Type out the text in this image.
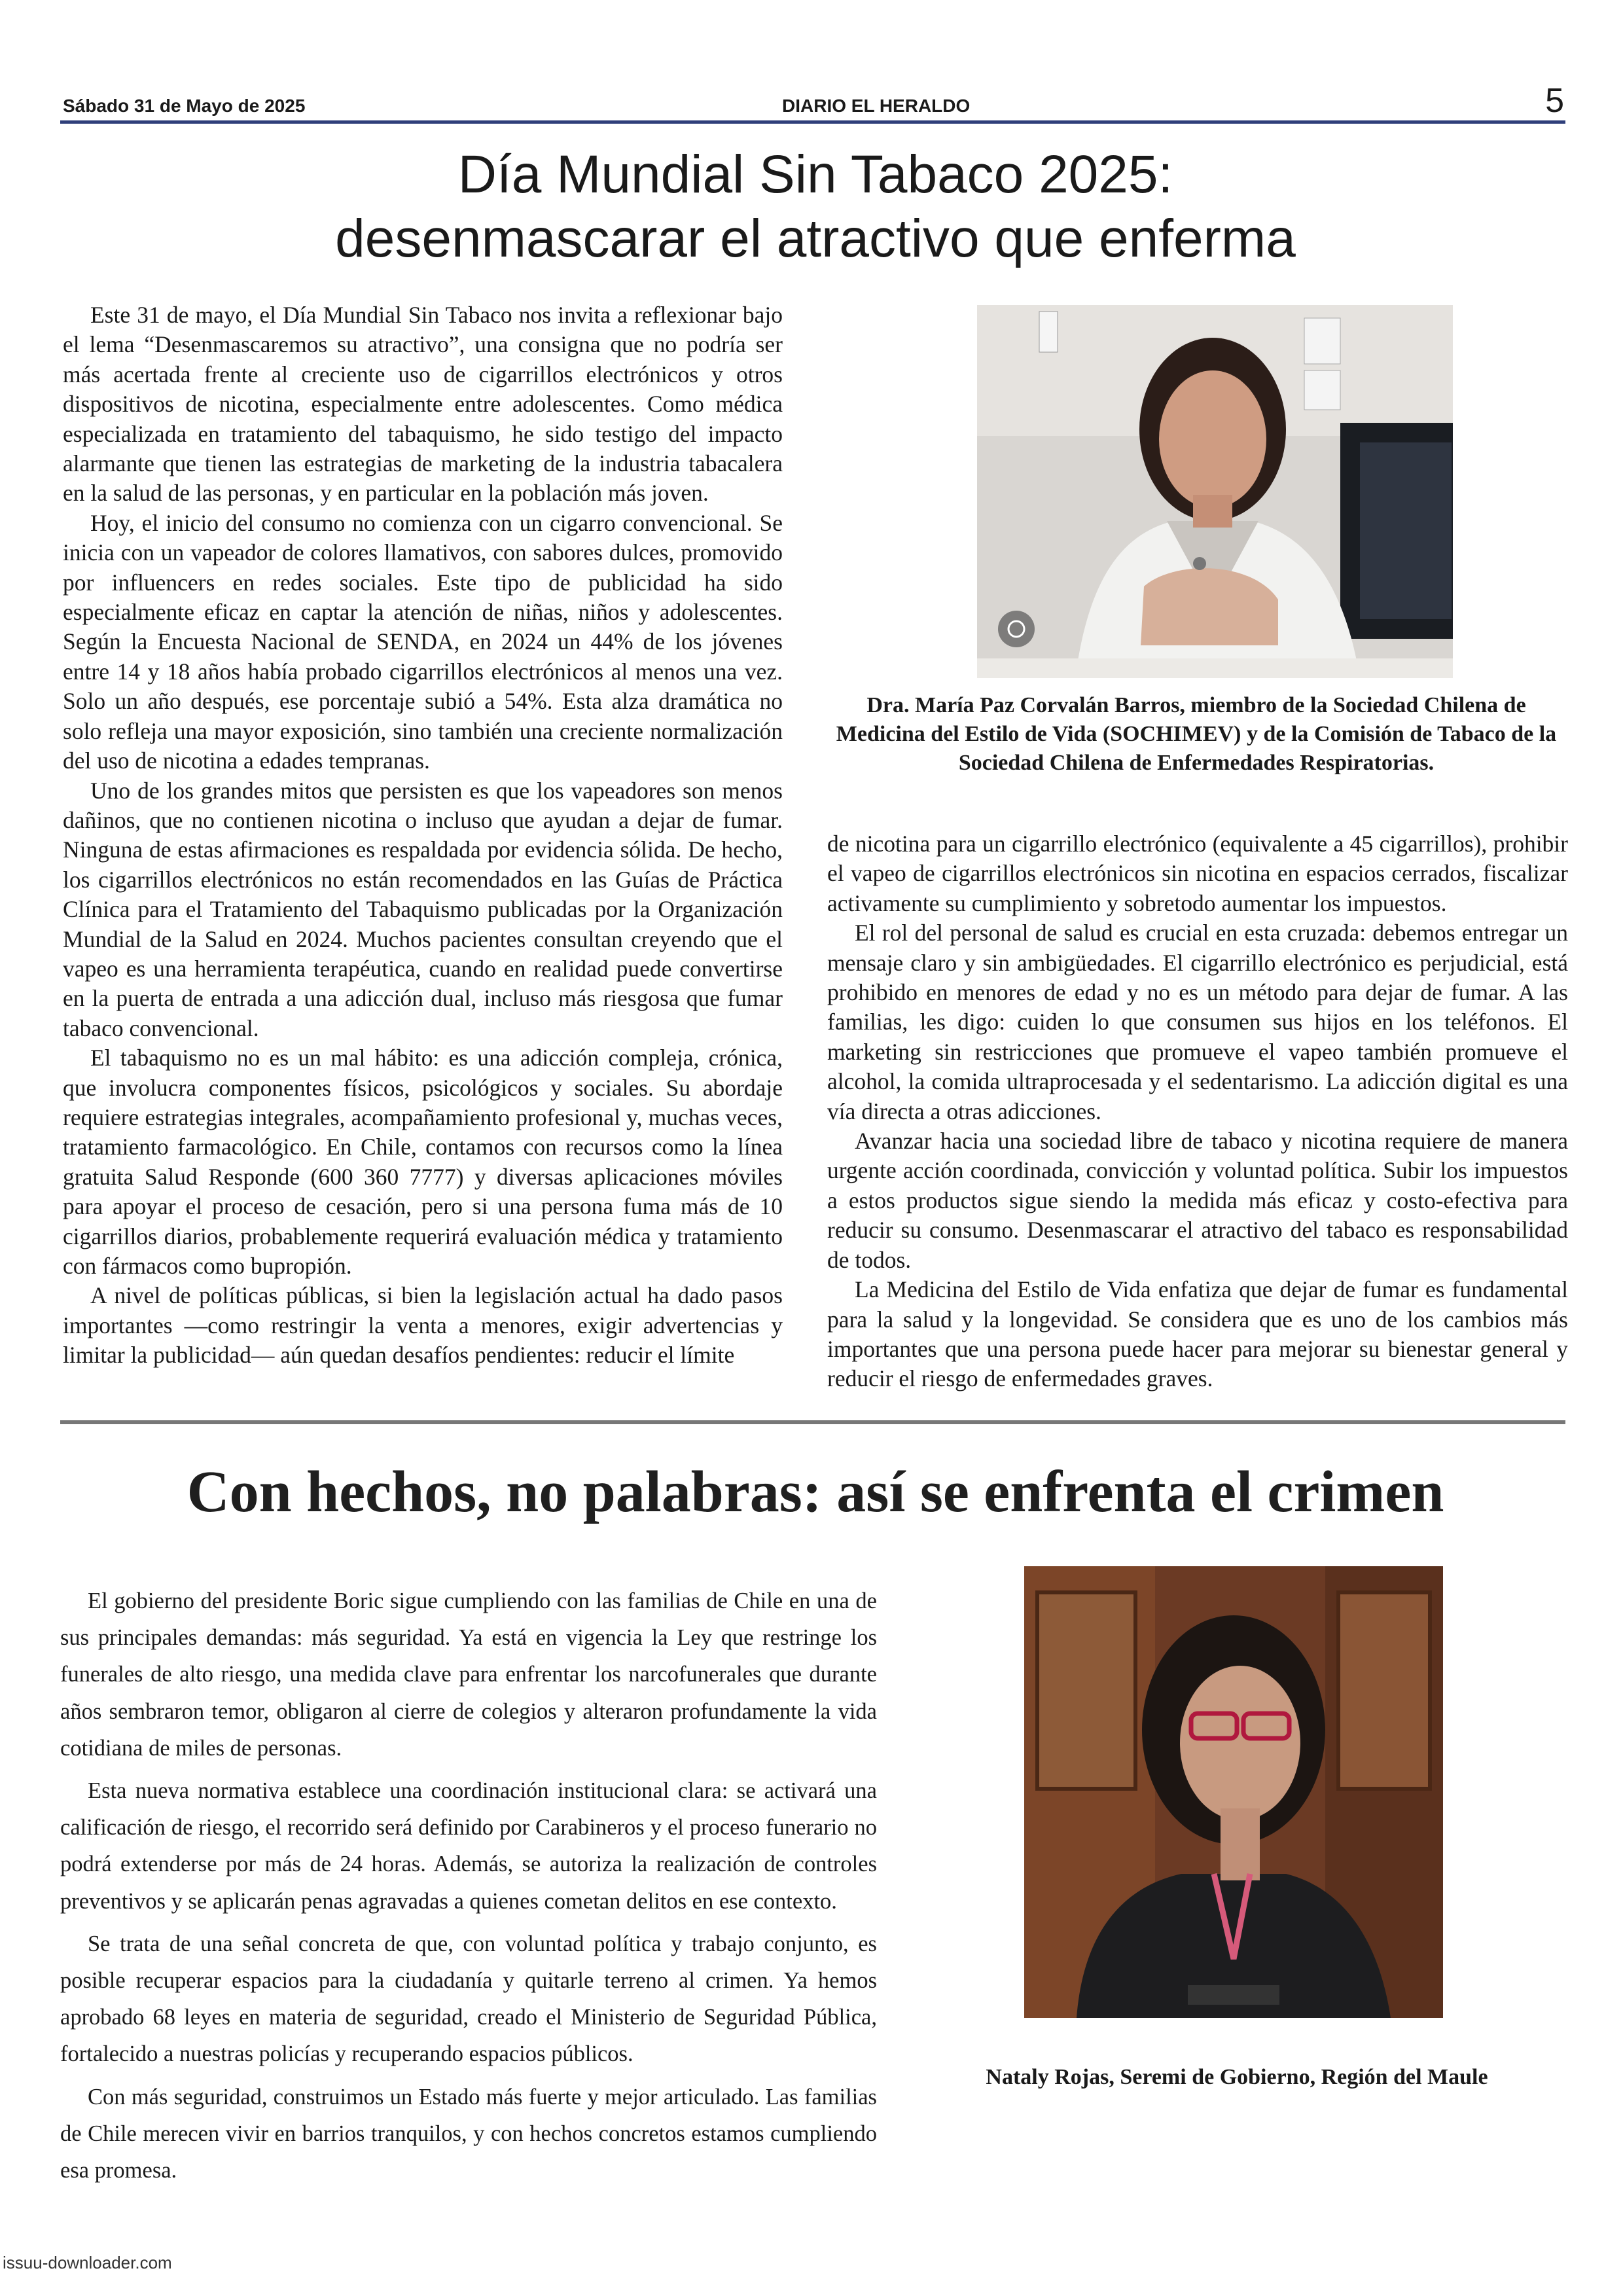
Sábado 31 de Mayo de 2025	DIARIO EL HERALDO	5
Día Mundial Sin Tabaco 2025:
desenmascarar el atractivo que enferma

Este 31 de mayo, el Día Mundial Sin Tabaco nos invita a reflexionar bajo el lema “Desenmascaremos su atractivo”, una consigna que no podría ser más acertada frente al creciente uso de cigarrillos electrónicos y otros dispositivos de nicotina, especialmente entre adolescentes. Como médica especializada en tratamiento del tabaquismo, he sido testigo del impacto alarmante que tienen las estrategias de marketing de la industria tabacalera en la salud de las personas, y en particular en la población más joven.

Hoy, el inicio del consumo no comienza con un cigarro convencional. Se inicia con un vapeador de colores llamativos, con sabores dulces, promovido por influencers en redes sociales. Este tipo de publicidad ha sido especialmente eficaz en captar la atención de niñas, niños y adolescentes. Según la Encuesta Nacional de SENDA, en 2024 un 44% de los jóvenes entre 14 y 18 años había probado cigarrillos electrónicos al menos una vez. Solo un año después, ese porcentaje subió a 54%. Esta alza dramática no solo refleja una mayor exposición, sino también una creciente normalización del uso de nicotina a edades tempranas.

Uno de los grandes mitos que persisten es que los vapeadores son menos dañinos, que no contienen nicotina o incluso que ayudan a dejar de fumar. Ninguna de estas afirmaciones es respaldada por evidencia sólida. De hecho, los cigarrillos electrónicos no están recomendados en las Guías de Práctica Clínica para el Tratamiento del Tabaquismo publicadas por la Organización Mundial de la Salud en 2024. Muchos pacientes consultan creyendo que el vapeo es una herramienta terapéutica, cuando en realidad puede convertirse en la puerta de entrada a una adicción dual, incluso más riesgosa que fumar tabaco convencional.

El tabaquismo no es un mal hábito: es una adicción compleja, crónica, que involucra componentes físicos, psicológicos y sociales. Su abordaje requiere estrategias integrales, acompañamiento profesional y, muchas veces, tratamiento farmacológico. En Chile, contamos con recursos como la línea gratuita Salud Responde (600 360 7777) y diversas aplicaciones móviles para apoyar el proceso de cesación, pero si una persona fuma más de 10 cigarrillos diarios, probablemente requerirá evaluación médica y tratamiento con fármacos como bupropión.

A nivel de políticas públicas, si bien la legislación actual ha dado pasos importantes —como restringir la venta a menores, exigir advertencias y limitar la publicidad— aún quedan desafíos pendientes: reducir el límite

Dra. María Paz Corvalán Barros, miembro de la Sociedad Chilena de Medicina del Estilo de Vida (SOCHIMEV) y de la Comisión de Tabaco de la Sociedad Chilena de Enfermedades Respiratorias.

de nicotina para un cigarrillo electrónico (equivalente a 45 cigarrillos), prohibir el vapeo de cigarrillos electrónicos sin nicotina en espacios cerrados, fiscalizar activamente su cumplimiento y sobretodo aumentar los impuestos.

El rol del personal de salud es crucial en esta cruzada: debemos entregar un mensaje claro y sin ambigüedades. El cigarrillo electrónico es perjudicial, está prohibido en menores de edad y no es un método para dejar de fumar. A las familias, les digo: cuiden lo que consumen sus hijos en los teléfonos. El marketing sin restricciones que promueve el vapeo también promueve el alcohol, la comida ultraprocesada y el sedentarismo. La adicción digital es una vía directa a otras adicciones.

Avanzar hacia una sociedad libre de tabaco y nicotina requiere de manera urgente acción coordinada, convicción y voluntad política. Subir los impuestos a estos productos sigue siendo la medida más eficaz y costo-efectiva para reducir su consumo. Desenmascarar el atractivo del tabaco es responsabilidad de todos.

La Medicina del Estilo de Vida enfatiza que dejar de fumar es fundamental para la salud y la longevidad. Se considera que es uno de los cambios más importantes que una persona puede hacer para mejorar su bienestar general y reducir el riesgo de enfermedades graves.

Con hechos, no palabras: así se enfrenta el crimen

El gobierno del presidente Boric sigue cumpliendo con las familias de Chile en una de sus principales demandas: más seguridad. Ya está en vigencia la Ley que restringe los funerales de alto riesgo, una medida clave para enfrentar los narcofunerales que durante años sembraron temor, obligaron al cierre de colegios y alteraron profundamente la vida cotidiana de miles de personas.

Esta nueva normativa establece una coordinación institucional clara: se activará una calificación de riesgo, el recorrido será definido por Carabineros y el proceso funerario no podrá extenderse por más de 24 horas. Además, se autoriza la realización de controles preventivos y se aplicarán penas agravadas a quienes cometan delitos en ese contexto.

Se trata de una señal concreta de que, con voluntad política y trabajo conjunto, es posible recuperar espacios para la ciudadanía y quitarle terreno al crimen. Ya hemos aprobado 68 leyes en materia de seguridad, creado el Ministerio de Seguridad Pública, fortalecido a nuestras policías y recuperando espacios públicos.

Con más seguridad, construimos un Estado más fuerte y mejor articulado. Las familias de Chile merecen vivir en barrios tranquilos, y con hechos concretos estamos cumpliendo esa promesa.

Nataly Rojas, Seremi de Gobierno, Región del Maule
issuu-downloader.com
